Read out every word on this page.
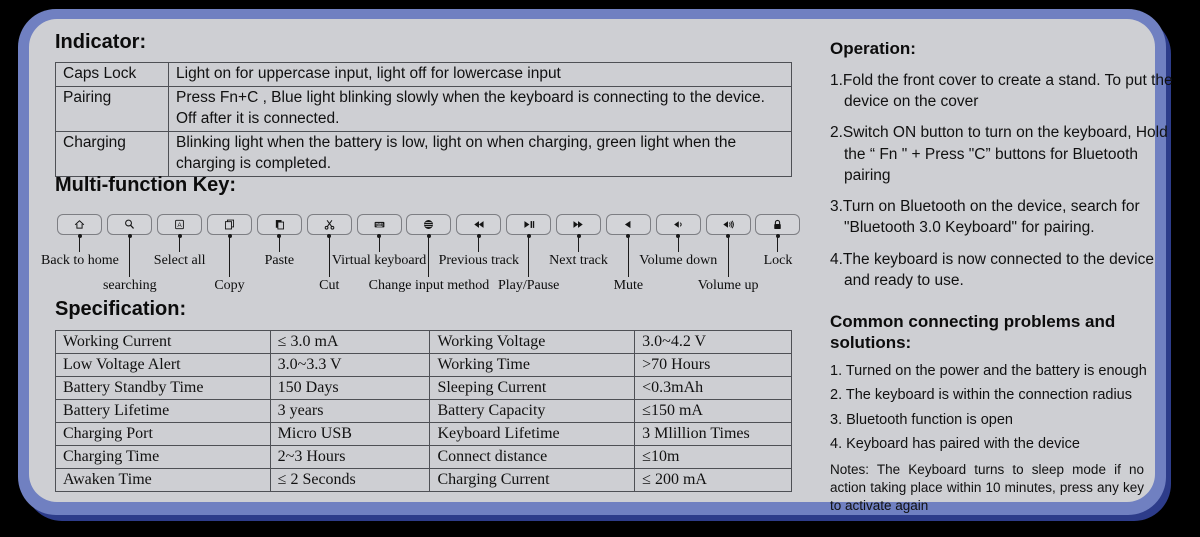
Indicator:
Caps Lock	Light on for uppercase input, light off for lowercase input
Pairing	Press Fn+C , Blue light blinking slowly when the keyboard is connecting to the device. Off after it is connected.
Charging	Blinking light when the battery is low, light on when charging, green light when the charging is completed.
Multi-function Key:
Back to home
searching
A
Select all
Copy
Paste
Cut
Virtual keyboard
Change input method
Previous track
Play/Pause
Next track
Mute
Volume down
Volume up
Lock
Specification:
Working Current	≤ 3.0 mA	Working Voltage	3.0~4.2 V
Low Voltage Alert	3.0~3.3 V	Working Time	>70 Hours
Battery Standby Time	150 Days	Sleeping Current	<0.3mAh
Battery Lifetime	3 years	Battery Capacity	≤150 mA
Charging Port	Micro USB	Keyboard Lifetime	3 Mlillion Times
Charging Time	2~3 Hours	Connect distance	≤10m
Awaken Time	≤ 2 Seconds	Charging Current	≤ 200 mA
Operation:
1.Fold the front cover to create a stand. To put the device on the cover
2.Switch ON button to turn on the keyboard, Hold the “ Fn " + Press "C” buttons for Bluetooth pairing
3.Turn on Bluetooth on the device, search for "Bluetooth 3.0 Keyboard" for pairing.
4.The keyboard is now connected to the device and ready to use.
Common connecting problems and solutions:
1. Turned on the power and the battery is enough
2. The keyboard is within the connection radius
3. Bluetooth function is open
4. Keyboard has paired with the device
Notes: The Keyboard turns to sleep mode if no action taking place within 10 minutes, press any key to activate again
